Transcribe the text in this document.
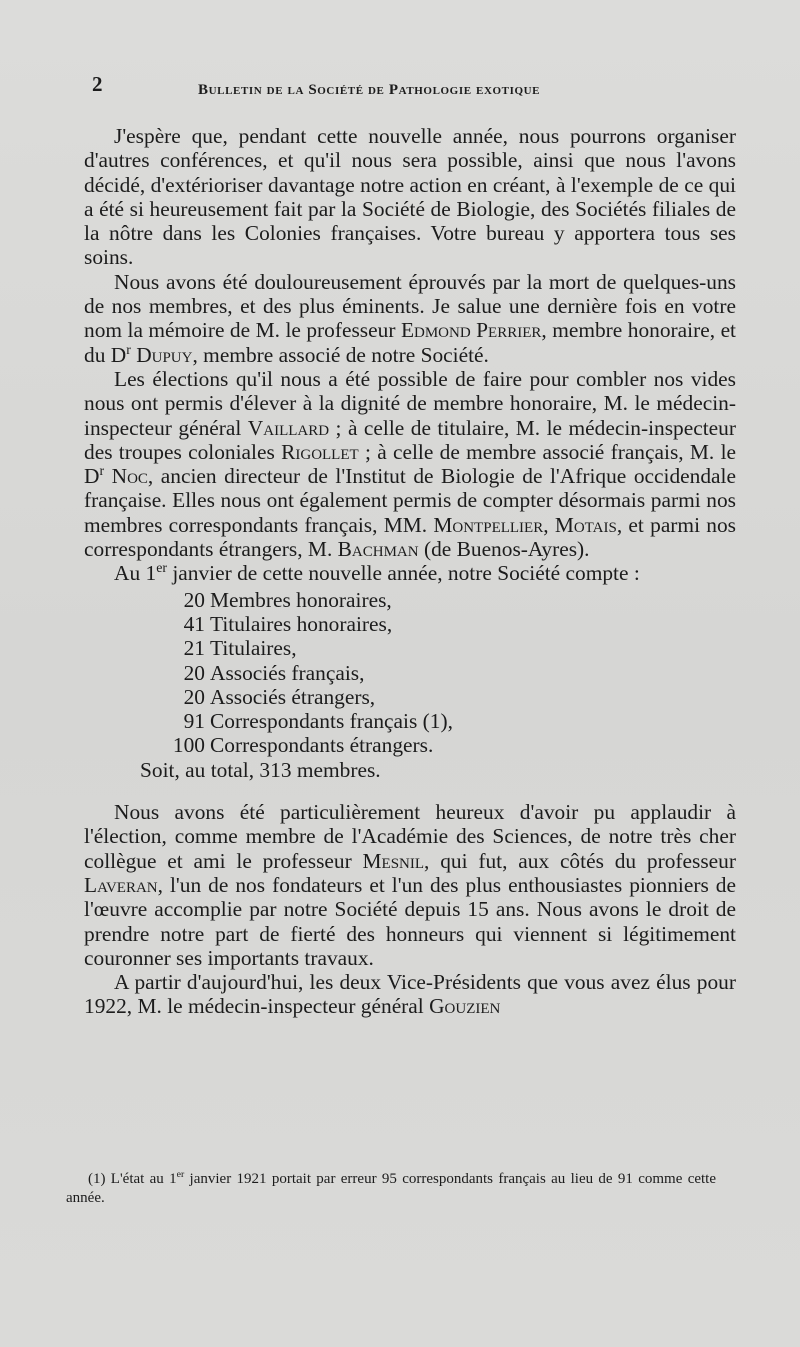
2	Bulletin de la Société de Pathologie exotique

J'espère que, pendant cette nouvelle année, nous pourrons organiser d'autres conférences, et qu'il nous sera possible, ainsi que nous l'avons décidé, d'extérioriser davantage notre action en créant, à l'exemple de ce qui a été si heureusement fait par la Société de Biologie, des Sociétés filiales de la nôtre dans les Colonies françaises. Votre bureau y apportera tous ses soins.

Nous avons été douloureusement éprouvés par la mort de quelques-uns de nos membres, et des plus éminents. Je salue une dernière fois en votre nom la mémoire de M. le professeur Edmond Perrier, membre honoraire, et du $D^r$ Dupuy, membre associé de notre Société.

Les élections qu'il nous a été possible de faire pour combler nos vides nous ont permis d'élever à la dignité de membre honoraire, M. le médecin-inspecteur général Vaillard ; à celle de titulaire, M. le médecin-inspecteur des troupes coloniales Rigollet ; à celle de membre associé français, M. le $D^r$ Noc, ancien directeur de l'Institut de Biologie de l'Afrique occidendale française. Elles nous ont également permis de compter désormais parmi nos membres correspondants français, MM. Montpellier, Motais, et parmi nos correspondants étrangers, M. Bachman (de Buenos-Ayres).

Au 1er janvier de cette nouvelle année, notre Société compte :

20 Membres honoraires,
41 Titulaires honoraires,
21 Titulaires,
20 Associés français,
20 Associés étrangers,
91 Correspondants français (1),
100 Correspondants étrangers.
Soit, au total, 313 membres.

Nous avons été particulièrement heureux d'avoir pu applaudir à l'élection, comme membre de l'Académie des Sciences, de notre très cher collègue et ami le professeur Mesnil, qui fut, aux côtés du professeur Laveran, l'un de nos fondateurs et l'un des plus enthousiastes pionniers de l'œuvre accomplie par notre Société depuis 15 ans. Nous avons le droit de prendre notre part de fierté des honneurs qui viennent si légitimement couronner ses importants travaux.

A partir d'aujourd'hui, les deux Vice-Présidents que vous avez élus pour 1922, M. le médecin-inspecteur général Gouzien

(1) L'état au 1er janvier 1921 portait par erreur 95 correspondants français au lieu de 91 comme cette année.
